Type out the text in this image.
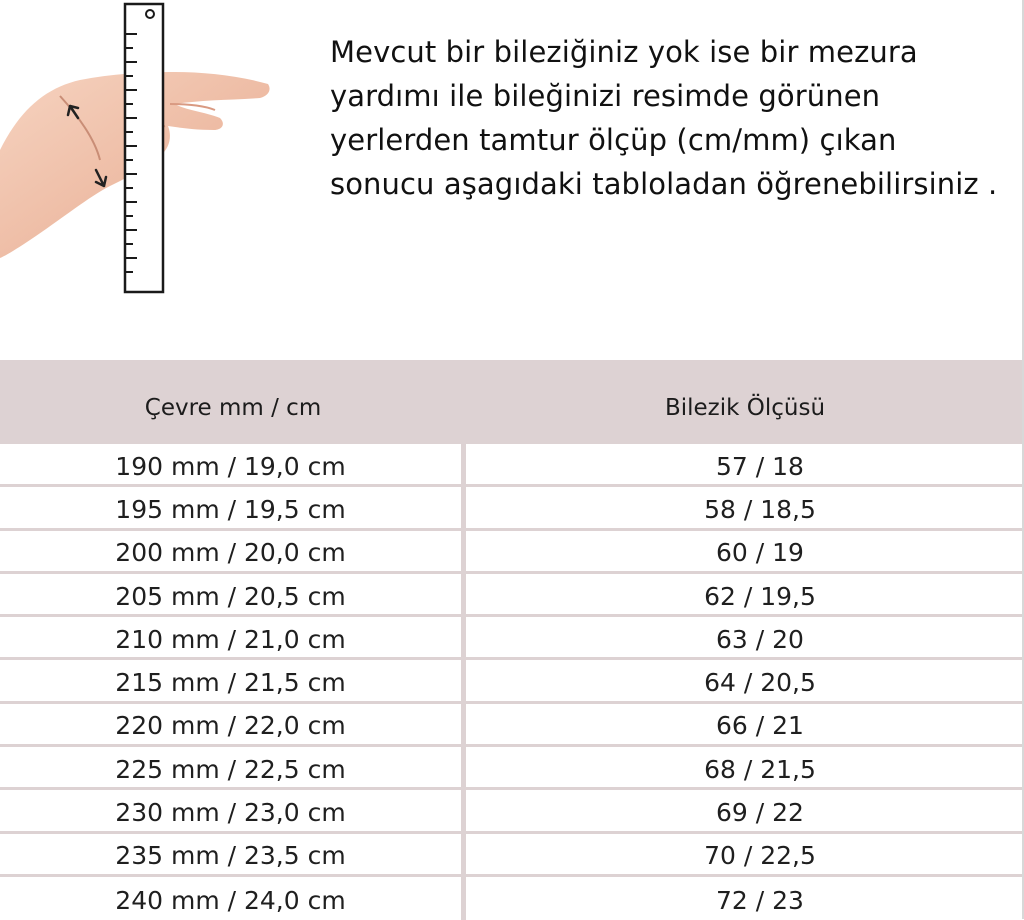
Mevcut bir bileziğiniz yok ise bir mezura
yardımı ile bileğinizi resimde görünen
yerlerden tamtur ölçüp (cm/mm) çıkan
sonucu aşagıdaki tabloladan öğrenebilirsiniz .
Çevre mm / cm	Bilezik Ölçüsü
190 mm / 19,0 cm	57 / 18
195 mm / 19,5 cm	58 / 18,5
200 mm / 20,0 cm	60 / 19
205 mm / 20,5 cm	62 / 19,5
210 mm / 21,0 cm	63 / 20
215 mm / 21,5 cm	64 / 20,5
220 mm / 22,0 cm	66 / 21
225 mm / 22,5 cm	68 / 21,5
230 mm / 23,0 cm	69 / 22
235 mm / 23,5 cm	70 / 22,5
240 mm / 24,0 cm	72 / 23
